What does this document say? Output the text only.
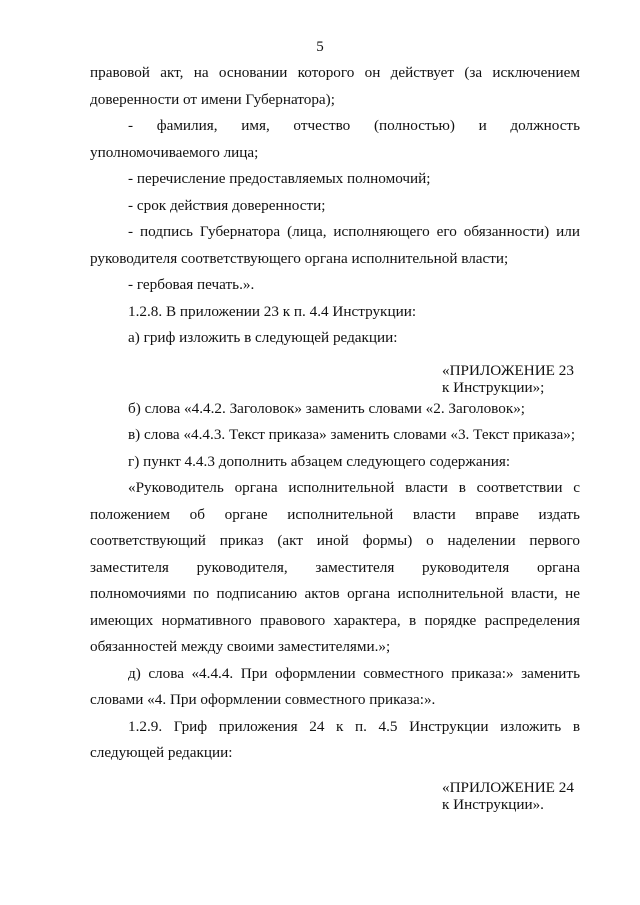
5

правовой акт, на основании которого он действует (за исключением доверенности от имени Губернатора);

- фамилия, имя, отчество (полностью) и должность уполномочиваемого лица;

- перечисление предоставляемых полномочий;

- срок действия доверенности;

- подпись Губернатора (лица, исполняющего его обязанности) или руководителя соответствующего органа исполнительной власти;

- гербовая печать.».

1.2.8. В приложении 23 к п. 4.4 Инструкции:

а) гриф изложить в следующей редакции:

«ПРИЛОЖЕНИЕ 23
к Инструкции»;

б) слова «4.4.2. Заголовок» заменить словами «2. Заголовок»;

в) слова «4.4.3. Текст приказа» заменить словами «3. Текст приказа»;

г) пункт 4.4.3 дополнить абзацем следующего содержания:

«Руководитель органа исполнительной власти в соответствии с положением об органе исполнительной власти вправе издать соответствующий приказ (акт иной формы) о наделении первого заместителя руководителя, заместителя руководителя органа полномочиями по подписанию актов органа исполнительной власти, не имеющих нормативного правового характера, в порядке распределения обязанностей между своими заместителями.»;

д) слова «4.4.4. При оформлении совместного приказа:» заменить словами «4. При оформлении совместного приказа:».

1.2.9. Гриф приложения 24 к п. 4.5 Инструкции изложить в следующей редакции:

«ПРИЛОЖЕНИЕ 24
к Инструкции».
